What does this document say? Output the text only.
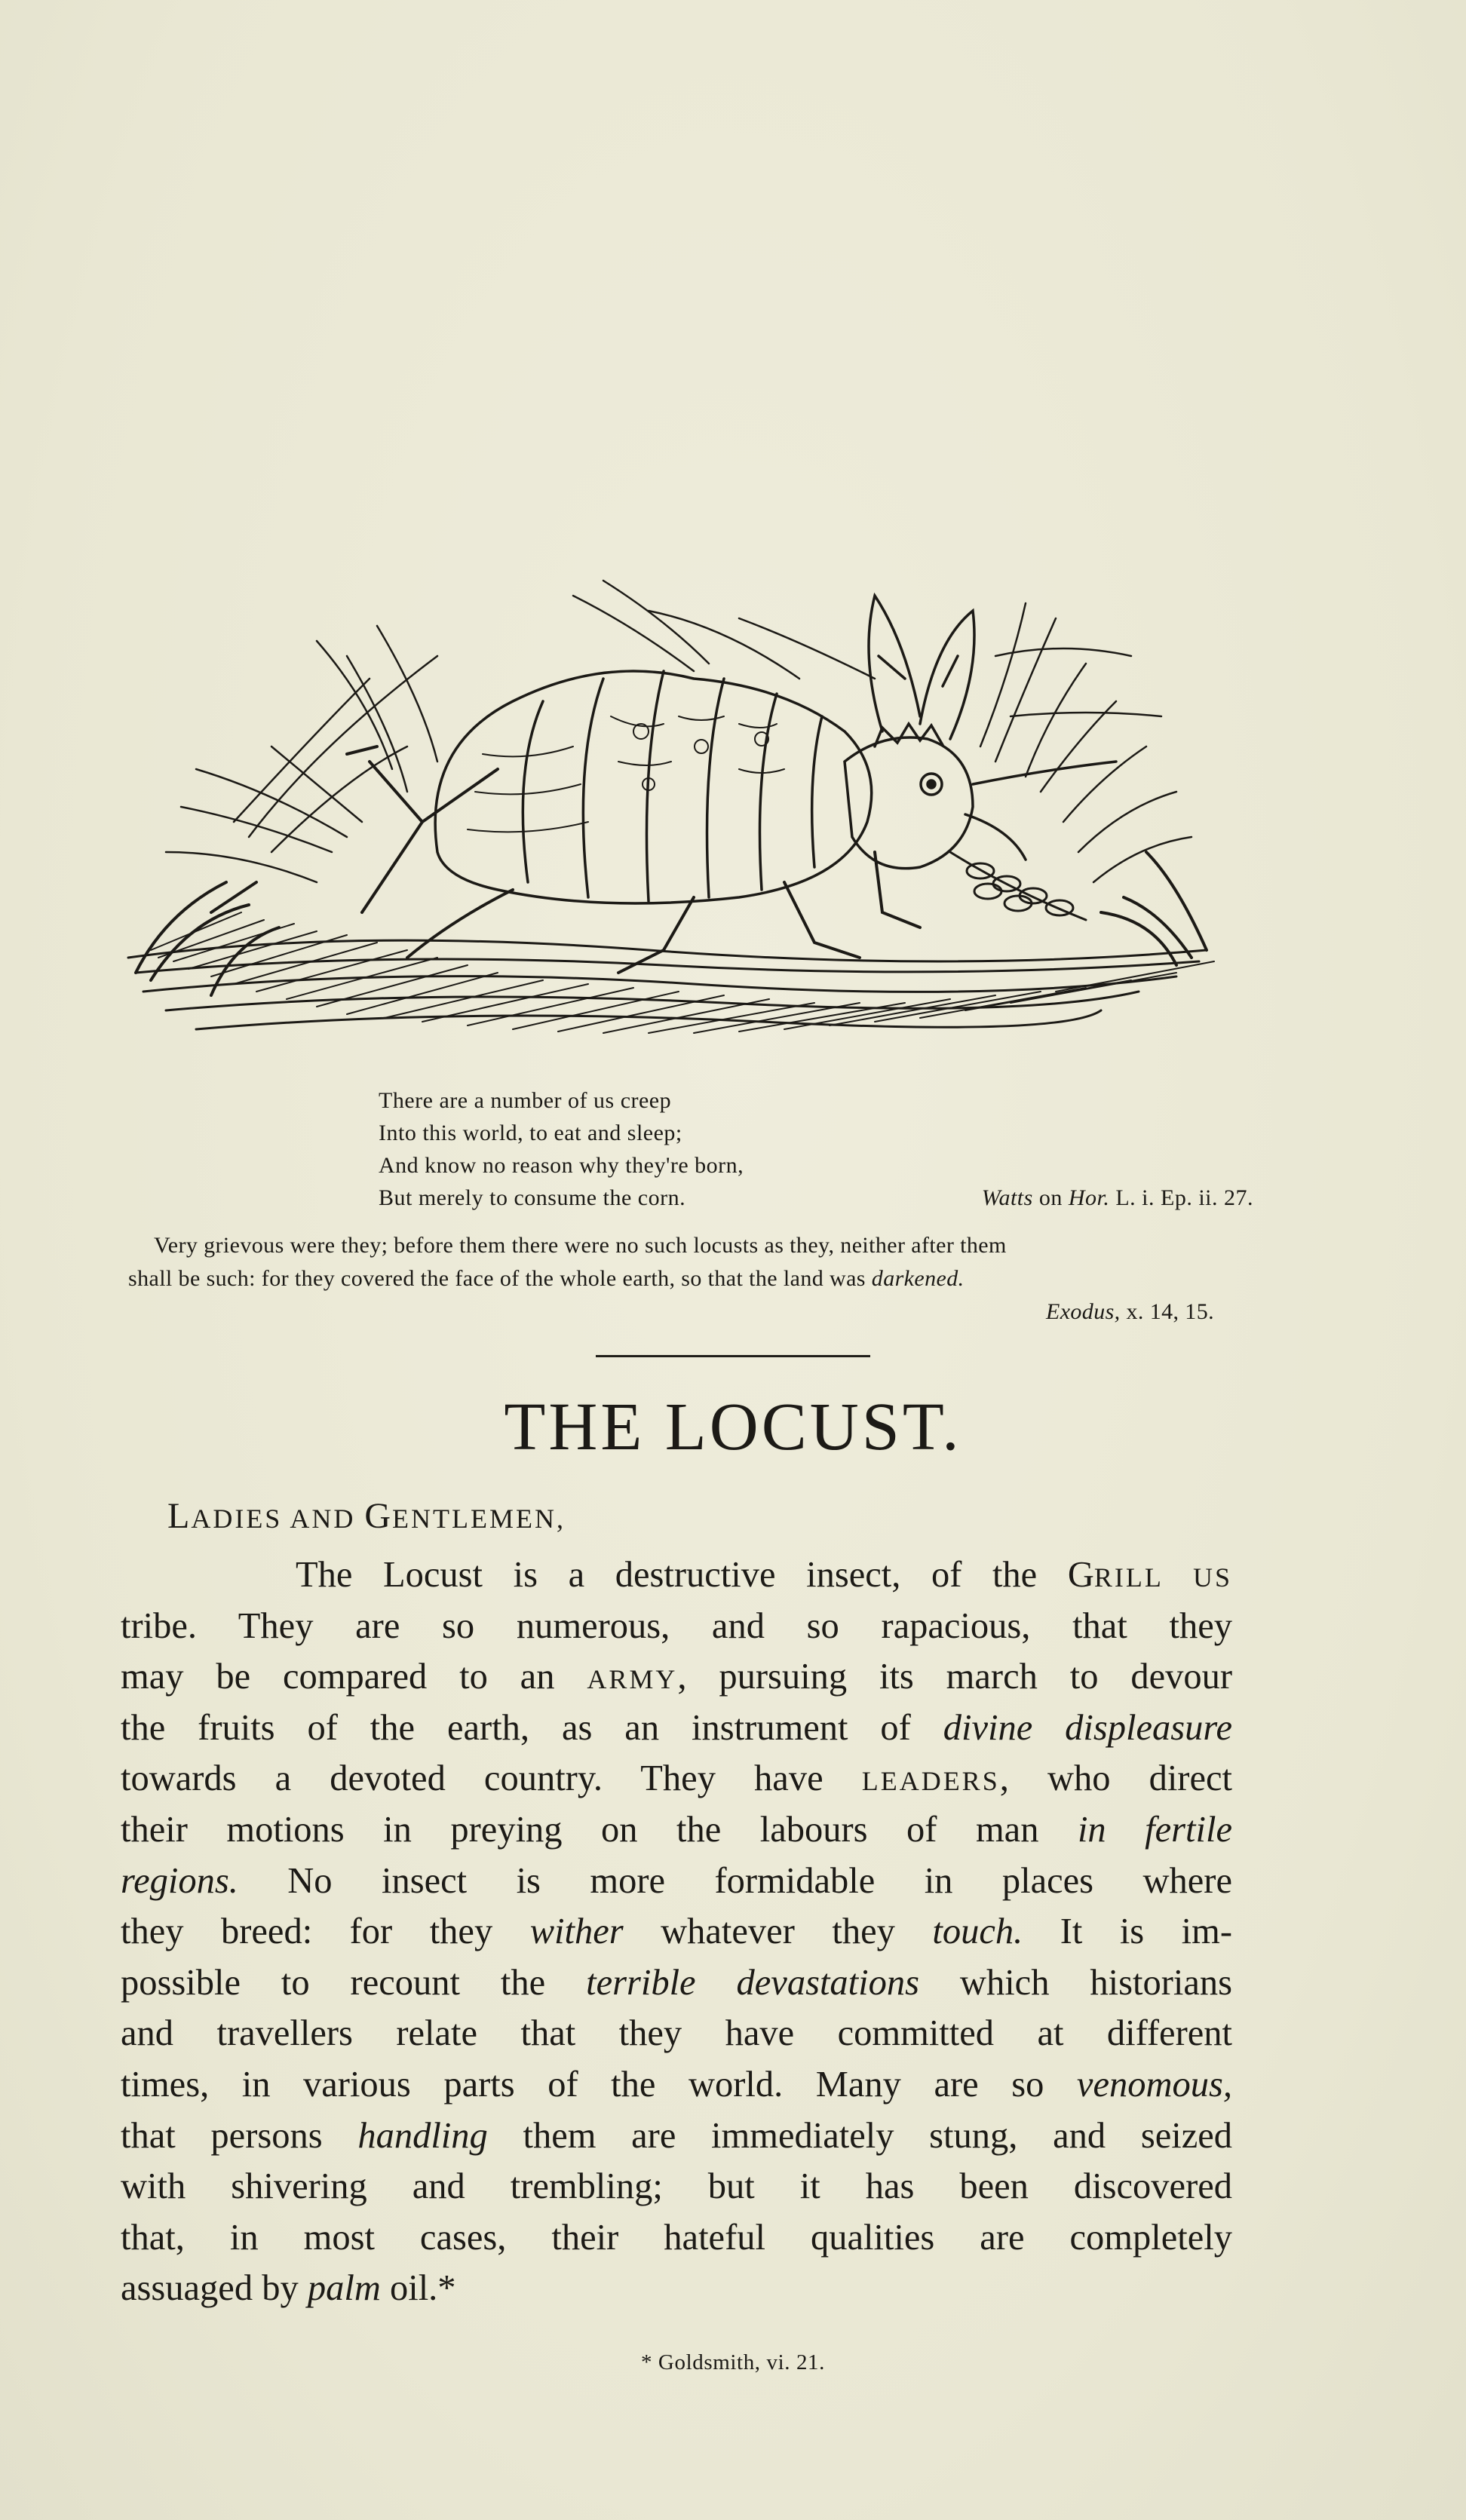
There are a number of us creep
Into this world, to eat and sleep;
And know no reason why they're born,
But merely to consume the corn.	Watts on Hor. L. i. Ep. ii. 27.
Very grievous were they; before them there were no such locusts as they, neither after them
shall be such: for they covered the face of the whole earth, so that the land was darkened.
Exodus, x. 14, 15.
THE LOCUST.
LADIES AND GENTLEMEN,
The Locust is a destructive insect, of the GRILL US
tribe. They are so numerous, and so rapacious, that they
may be compared to an ARMY, pursuing its march to devour
the fruits of the earth, as an instrument of divine displeasure
towards a devoted country. They have LEADERS, who direct
their motions in preying on the labours of man in fertile
regions. No insect is more formidable in places where
they breed: for they wither whatever they touch. It is im-
possible to recount the terrible devastations which historians
and travellers relate that they have committed at different
times, in various parts of the world. Many are so venomous,
that persons handling them are immediately stung, and seized
with shivering and trembling; but it has been discovered
that, in most cases, their hateful qualities are completely
assuaged by palm oil.*
* Goldsmith, vi. 21.
